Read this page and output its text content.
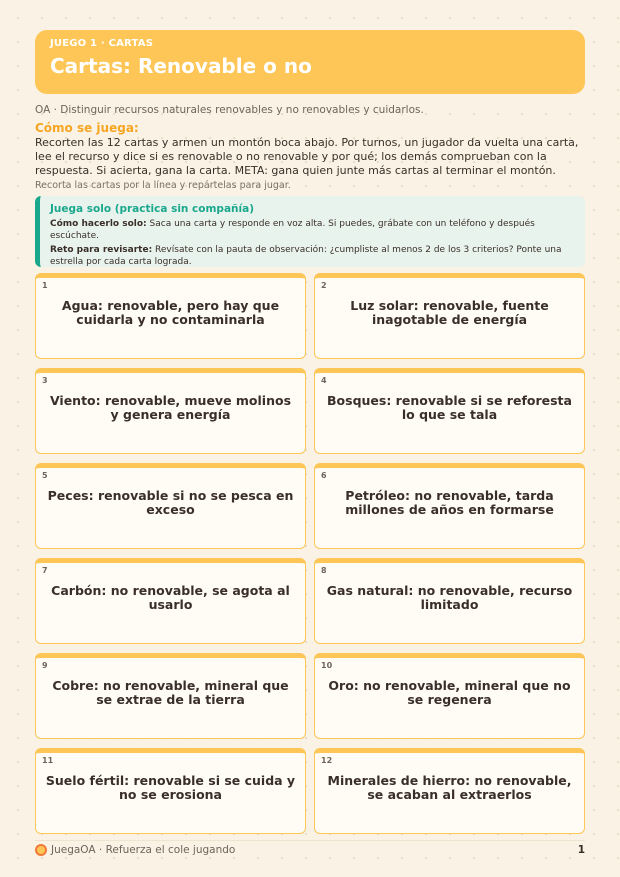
JUEGO 1 · CARTAS
Cartas: Renovable o no
OA · Distinguir recursos naturales renovables y no renovables y cuidarlos.
Cómo se juega:
Recorten las 12 cartas y armen un montón boca abajo. Por turnos, un jugador da vuelta una carta, lee el recurso y dice si es renovable o no renovable y por qué; los demás comprueban con la respuesta. Si acierta, gana la carta. META: gana quien junte más cartas al terminar el montón.
Recorta las cartas por la línea y repártelas para jugar.
Juega solo (practica sin compañía)
Cómo hacerlo solo: Saca una carta y responde en voz alta. Si puedes, grábate con un teléfono y después escúchate.
Reto para revisarte: Revísate con la pauta de observación: ¿cumpliste al menos 2 de los 3 criterios? Ponte una estrella por cada carta lograda.
1
Agua: renovable, pero hay que cuidarla y no contaminarla
2
Luz solar: renovable, fuente inagotable de energía
3
Viento: renovable, mueve molinos y genera energía
4
Bosques: renovable si se reforesta lo que se tala
5
Peces: renovable si no se pesca en exceso
6
Petróleo: no renovable, tarda millones de años en formarse
7
Carbón: no renovable, se agota al usarlo
8
Gas natural: no renovable, recurso limitado
9
Cobre: no renovable, mineral que se extrae de la tierra
10
Oro: no renovable, mineral que no se regenera
11
Suelo fértil: renovable si se cuida y no se erosiona
12
Minerales de hierro: no renovable, se acaban al extraerlos
JuegaOA · Refuerza el cole jugando	1
